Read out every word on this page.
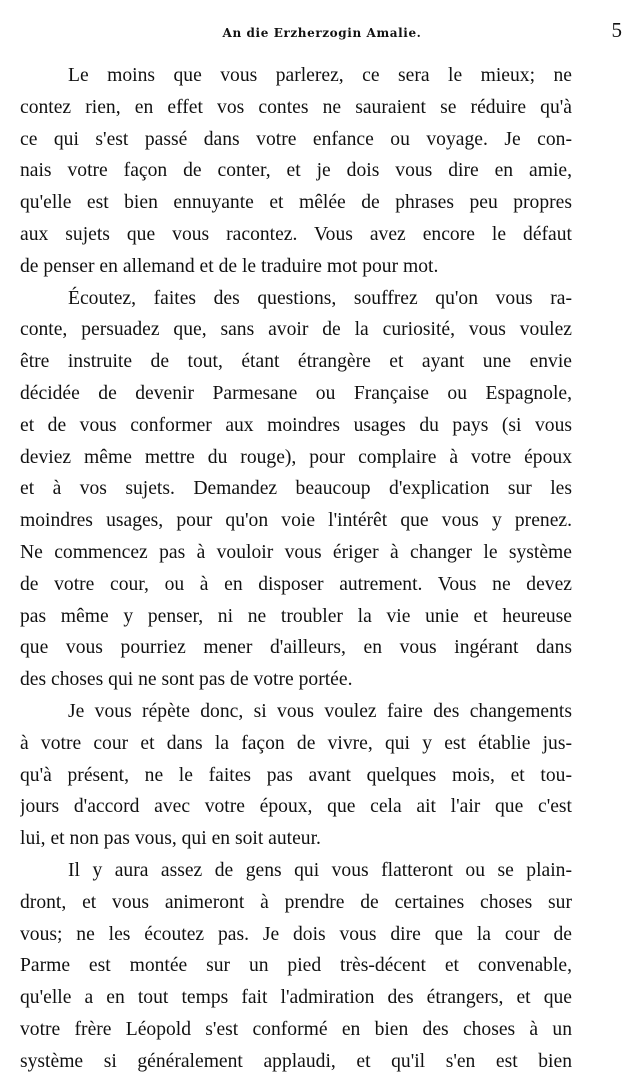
An die Erzherzogin Amalie.	5
Le moins que vous parlerez, ce sera le mieux; ne
contez rien, en effet vos contes ne sauraient se réduire qu'à
ce qui s'est passé dans votre enfance ou voyage. Je con-
nais votre façon de conter, et je dois vous dire en amie,
qu'elle est bien ennuyante et mêlée de phrases peu propres
aux sujets que vous racontez. Vous avez encore le défaut
de penser en allemand et de le traduire mot pour mot.
Écoutez, faites des questions, souffrez qu'on vous ra-
conte, persuadez que, sans avoir de la curiosité, vous voulez
être instruite de tout, étant étrangère et ayant une envie
décidée de devenir Parmesane ou Française ou Espagnole,
et de vous conformer aux moindres usages du pays (si vous
deviez même mettre du rouge), pour complaire à votre époux
et à vos sujets. Demandez beaucoup d'explication sur les
moindres usages, pour qu'on voie l'intérêt que vous y prenez.
Ne commencez pas à vouloir vous ériger à changer le système
de votre cour, ou à en disposer autrement. Vous ne devez
pas même y penser, ni ne troubler la vie unie et heureuse
que vous pourriez mener d'ailleurs, en vous ingérant dans
des choses qui ne sont pas de votre portée.
Je vous répète donc, si vous voulez faire des changements
à votre cour et dans la façon de vivre, qui y est établie jus-
qu'à présent, ne le faites pas avant quelques mois, et tou-
jours d'accord avec votre époux, que cela ait l'air que c'est
lui, et non pas vous, qui en soit auteur.
Il y aura assez de gens qui vous flatteront ou se plain-
dront, et vous animeront à prendre de certaines choses sur
vous; ne les écoutez pas. Je dois vous dire que la cour de
Parme est montée sur un pied très-décent et convenable,
qu'elle a en tout temps fait l'admiration des étrangers, et que
votre frère Léopold s'est conformé en bien des choses à un
système si généralement applaudi, et qu'il s'en est bien
